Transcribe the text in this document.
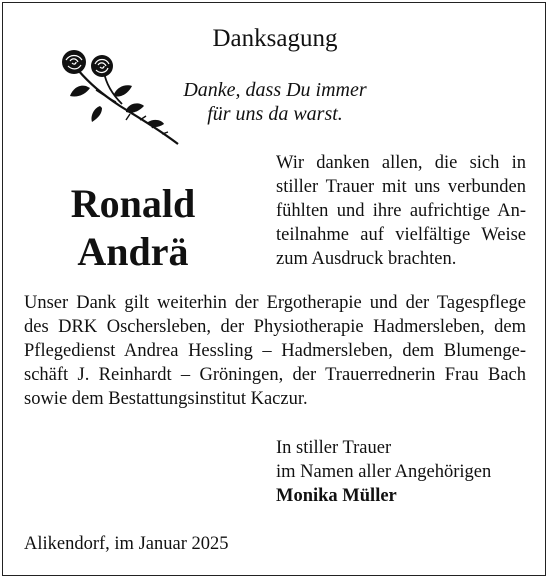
Danksagung
Danke, dass Du immer
für uns da warst.
Ronald
Andrä
Wir danken allen, die sich in
stiller Trauer mit uns verbunden
fühlten und ihre aufrichtige An-
teilnahme auf vielfältige Weise
zum Ausdruck brachten.
Unser Dank gilt weiterhin der Ergotherapie und der Tagespflege
des DRK Oschersleben, der Physiotherapie Hadmersleben, dem
Pflegedienst Andrea Hessling – Hadmersleben, dem Blumenge-
schäft J. Reinhardt – Gröningen, der Trauerrednerin Frau Bach
sowie dem Bestattungsinstitut Kaczur.
In stiller Trauer
im Namen aller Angehörigen
Monika Müller
Alikendorf, im Januar 2025
